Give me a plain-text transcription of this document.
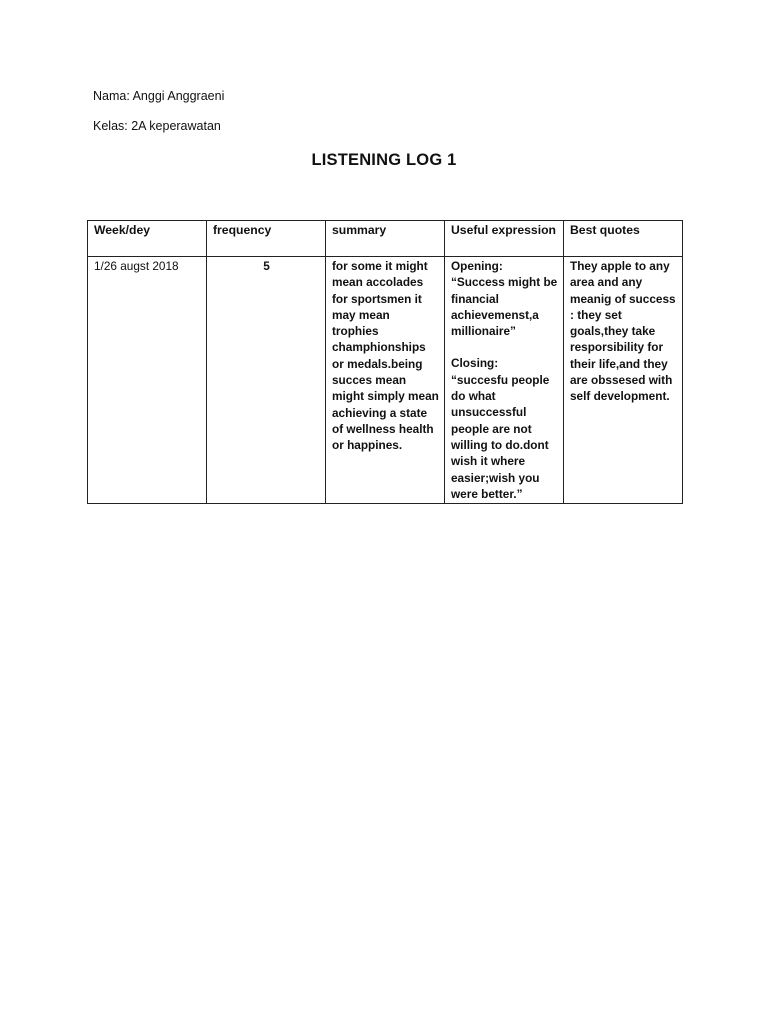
Nama: Anggi Anggraeni
Kelas: 2A keperawatan
LISTENING LOG 1
Week/dey	frequency	summary	Useful expression	Best quotes
1/26 augst 2018	5	for some it might mean accolades for sportsmen it may mean trophies champhionships or medals.being succes mean might simply mean achieving a state of wellness health or happines.	Opening:
“Success might be financial achievemenst,a millionaire”
Closing:
“succesfu people do what unsuccessful people are not willing to do.dont wish it where easier;wish you were better.”	They apple to any area and any meanig of success : they set goals,they take resporsibility for their life,and they are obssesed with self development.
